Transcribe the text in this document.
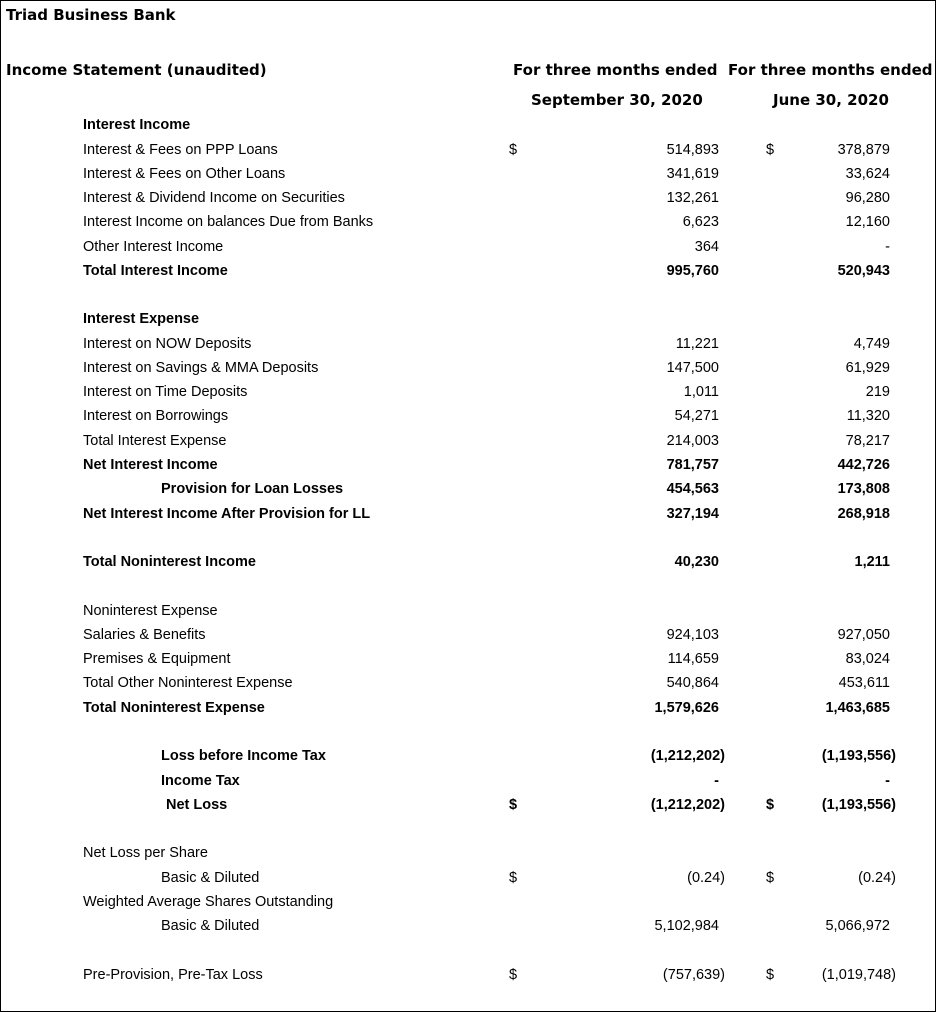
Triad Business Bank
Income Statement (unaudited)	For three months ended For three months ended
September 30, 2020	June 30, 2020
Interest Income
Interest & Fees on PPP Loans	$	514,893	$	378,879
Interest & Fees on Other Loans	341,619	33,624
Interest & Dividend Income on Securities	132,261	96,280
Interest Income on balances Due from Banks	6,623	12,160
Other Interest Income	364	-
Total Interest Income	995,760	520,943
Interest Expense
Interest on NOW Deposits	11,221	4,749
Interest on Savings & MMA Deposits	147,500	61,929
Interest on Time Deposits	1,011	219
Interest on Borrowings	54,271	11,320
Total Interest Expense	214,003	78,217
Net Interest Income	781,757	442,726
Provision for Loan Losses	454,563	173,808
Net Interest Income After Provision for LL	327,194	268,918
Total Noninterest Income	40,230	1,211
Noninterest Expense
Salaries & Benefits	924,103	927,050
Premises & Equipment	114,659	83,024
Total Other Noninterest Expense	540,864	453,611
Total Noninterest Expense	1,579,626	1,463,685
Loss before Income Tax	(1,212,202)	(1,193,556)
Income Tax	-	-
Net Loss	$	(1,212,202)	$	(1,193,556)
Net Loss per Share
Basic & Diluted	$	(0.24)	$	(0.24)
Weighted Average Shares Outstanding
Basic & Diluted	5,102,984	5,066,972
Pre-Provision, Pre-Tax Loss	$	(757,639)	$	(1,019,748)
